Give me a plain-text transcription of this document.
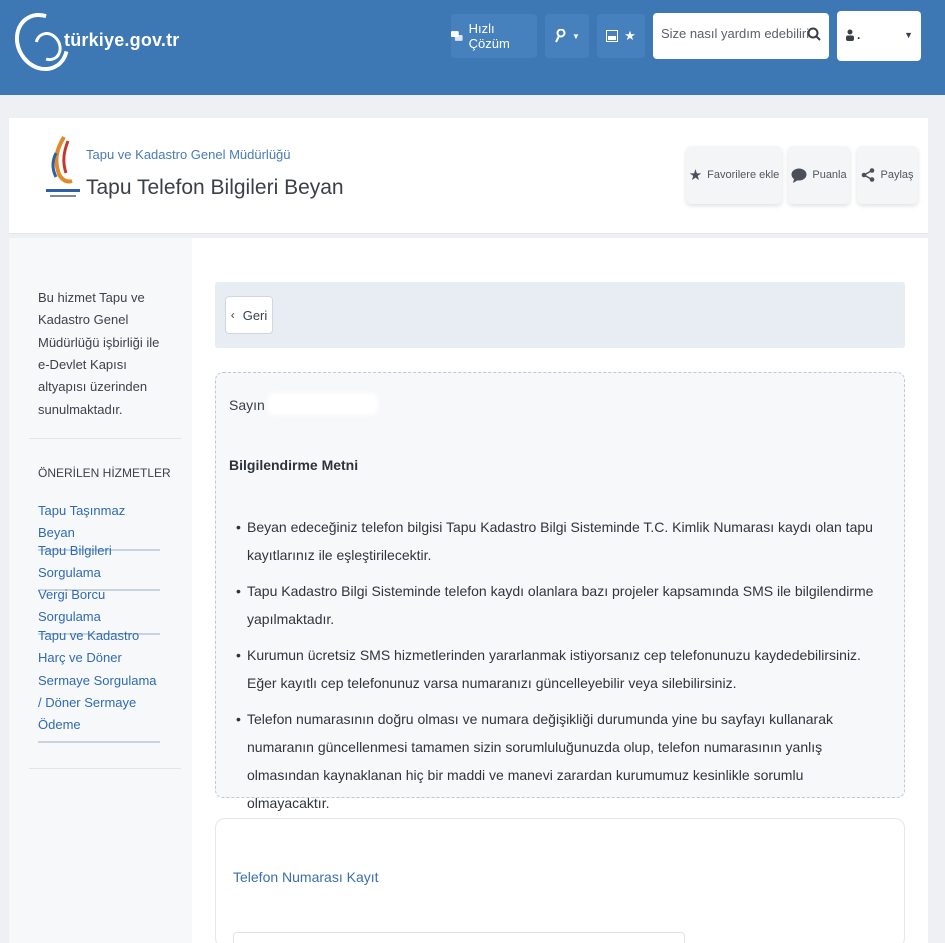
türkiye.gov.tr
Hızlı Çözüm	▼	★
Size nasıl yardım edebilirim?	.	▼
Tapu ve Kadastro Genel Müdürlüğü
Tapu Telefon Bilgileri Beyan
★ Favorilere ekle	Puanla	Paylaş
Bu hizmet Tapu ve Kadastro Genel Müdürlüğü işbirliği ile e-Devlet Kapısı altyapısı üzerinden sunulmaktadır.
ÖNERİLEN HİZMETLER
Tapu Taşınmaz Beyan
Tapu Bilgileri Sorgulama
Vergi Borcu Sorgulama
Tapu ve Kadastro Harç ve Döner Sermaye Sorgulama / Döner Sermaye Ödeme
‹ Geri
Sayın
Bilgilendirme Metni
• Beyan edeceğiniz telefon bilgisi Tapu Kadastro Bilgi Sisteminde T.C. Kimlik Numarası kaydı olan tapu kayıtlarınız ile eşleştirilecektir.
• Tapu Kadastro Bilgi Sisteminde telefon kaydı olanlara bazı projeler kapsamında SMS ile bilgilendirme yapılmaktadır.
• Kurumun ücretsiz SMS hizmetlerinden yararlanmak istiyorsanız cep telefonunuzu kaydedebilirsiniz. Eğer kayıtlı cep telefonunuz varsa numaranızı güncelleyebilir veya silebilirsiniz.
• Telefon numarasının doğru olması ve numara değişikliği durumunda yine bu sayfayı kullanarak numaranın güncellenmesi tamamen sizin sorumluluğunuzda olup, telefon numarasının yanlış olmasından kaynaklanan hiç bir maddi ve manevi zarardan kurumumuz kesinlikle sorumlu olmayacaktır.
Telefon Numarası Kayıt
